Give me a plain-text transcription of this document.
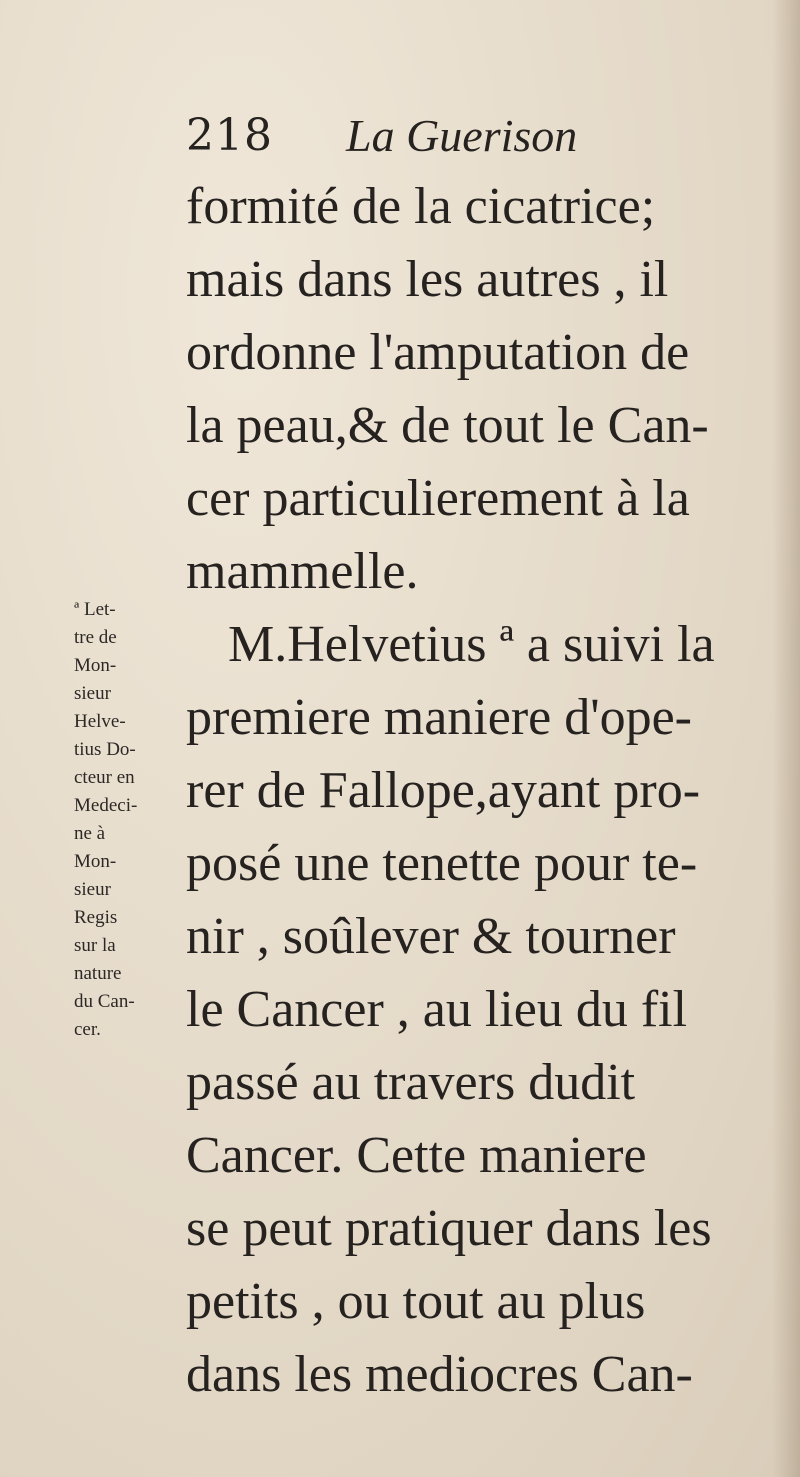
218 La Guerison
formité de la cicatrice;
mais dans les autres , il
ordonne l'amputation de
la peau,& de tout le Can-
cer particulierement à la
mammelle.
M.Helvetius ª a suivi la
premiere maniere d'ope-
rer de Fallope,ayant pro-
posé une tenette pour te-
nir , soûlever & tourner
le Cancer , au lieu du fil
passé au travers dudit
Cancer. Cette maniere
se peut pratiquer dans les
petits , ou tout au plus
dans les mediocres Can-
ª Let-
tre de
Mon-
sieur
Helve-
tius Do-
cteur en
Medeci-
ne à
Mon-
sieur
Regis
sur la
nature
du Can-
cer.
